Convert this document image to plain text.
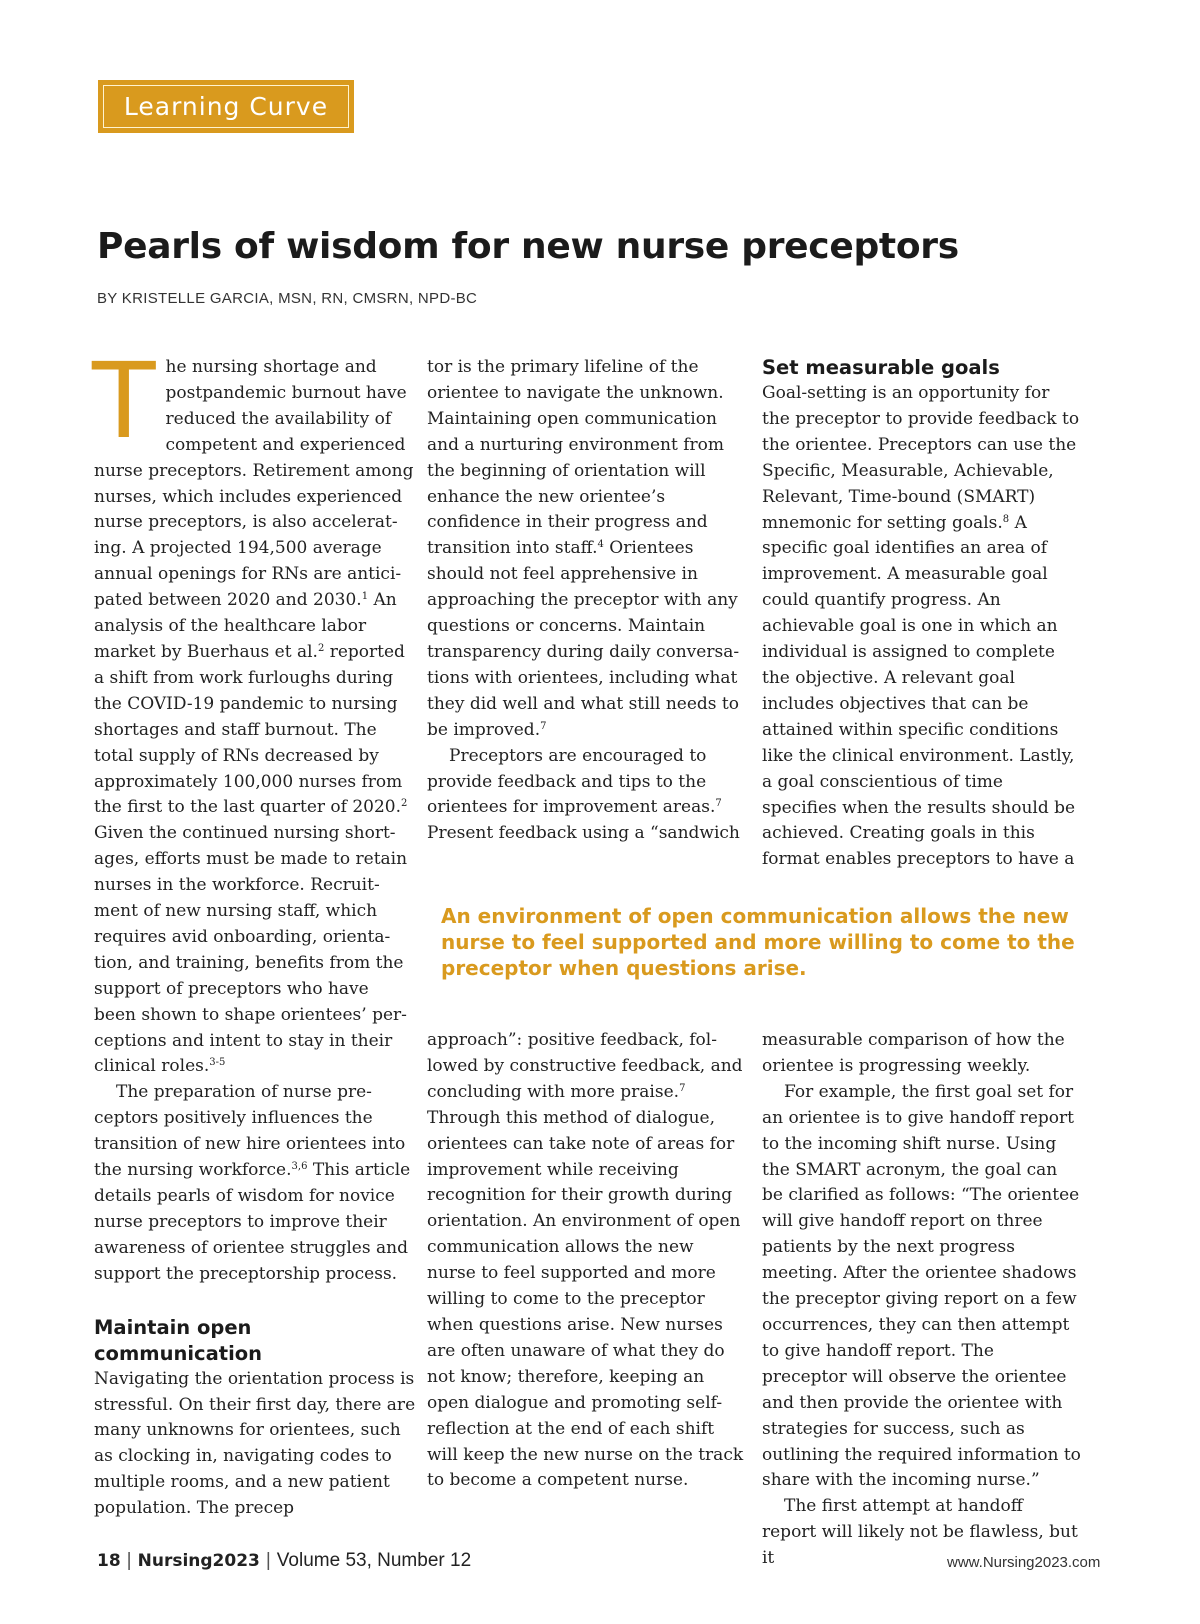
Learning Curve
Pearls of wisdom for new nurse preceptors
BY KRISTELLE GARCIA, MSN, RN, CMSRN, NPD-BC

The nursing shortage and postpandemic burnout have reduced the availability of competent and experienced nurse preceptors. Retirement among nurses, which includes experienced nurse preceptors, is also accelerating. A projected 194,500 average annual openings for RNs are anticipated between 2020 and 2030.$^1$ An analysis of the healthcare labor market by Buerhaus et al.$^2$ reported a shift from work furloughs during the COVID-19 pandemic to nursing shortages and staff burnout. The total supply of RNs decreased by approximately 100,000 nurses from the first to the last quarter of 2020.$^2$ Given the continued nursing shortages, efforts must be made to retain nurses in the workforce. Recruitment of new nursing staff, which requires avid onboarding, orientation, and training, benefits from the support of preceptors who have been shown to shape orientees’ perceptions and intent to stay in their clinical roles.$^{3-5}$

The preparation of nurse preceptors positively influences the transition of new hire orientees into the nursing workforce.$^{3,6}$ This article details pearls of wisdom for novice nurse preceptors to improve their awareness of orientee struggles and support the preceptorship process.

Maintain open communication

Navigating the orientation process is stressful. On their first day, there are many unknowns for orientees, such as clocking in, navigating codes to multiple rooms, and a new patient population. The precep

tor is the primary lifeline of the orientee to navigate the unknown. Maintaining open communication and a nurturing environment from the beginning of orientation will enhance the new orientee’s confidence in their progress and transition into staff.$^4$ Orientees should not feel apprehensive in approaching the preceptor with any questions or concerns. Maintain transparency during daily conversations with orientees, including what they did well and what still needs to be improved.$^7$

Preceptors are encouraged to provide feedback and tips to the orientees for improvement areas.$^7$ Present feedback using a “sandwich

Set measurable goals

Goal-setting is an opportunity for the preceptor to provide feedback to the orientee. Preceptors can use the Specific, Measurable, Achievable, Relevant, Time-bound (SMART) mnemonic for setting goals.$^8$ A specific goal identifies an area of improvement. A measurable goal could quantify progress. An achievable goal is one in which an individual is assigned to complete the objective. A relevant goal includes objectives that can be attained within specific conditions like the clinical environment. Lastly, a goal conscientious of time specifies when the results should be achieved. Creating goals in this format enables preceptors to have a

An environment of open communication allows the new nurse to feel supported and more willing to come to the preceptor when questions arise.

approach”: positive feedback, followed by constructive feedback, and concluding with more praise.$^7$ Through this method of dialogue, orientees can take note of areas for improvement while receiving recognition for their growth during orientation. An environment of open communication allows the new nurse to feel supported and more willing to come to the preceptor when questions arise. New nurses are often unaware of what they do not know; therefore, keeping an open dialogue and promoting self-reflection at the end of each shift will keep the new nurse on the track to become a competent nurse.

measurable comparison of how the orientee is progressing weekly.

For example, the first goal set for an orientee is to give handoff report to the incoming shift nurse. Using the SMART acronym, the goal can be clarified as follows: “The orientee will give handoff report on three patients by the next progress meeting. After the orientee shadows the preceptor giving report on a few occurrences, they can then attempt to give handoff report. The preceptor will observe the orientee and then provide the orientee with strategies for success, such as outlining the required information to share with the incoming nurse.”

The first attempt at handoff report will likely not be flawless, but it

18 | Nursing2023 | Volume 53, Number 12	www.Nursing2023.com
